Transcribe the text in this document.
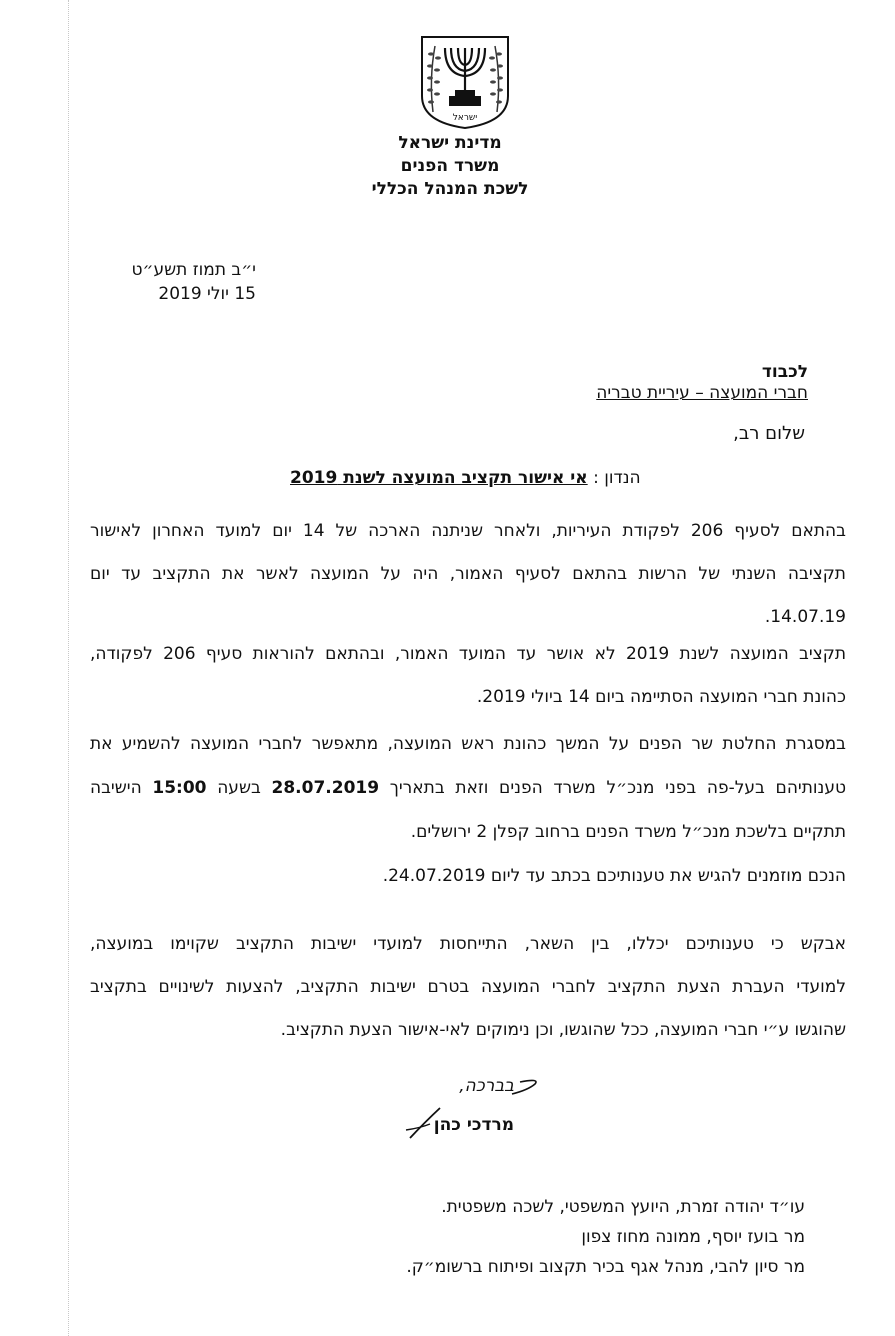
ישראל
מדינת ישראל
משרד הפנים
לשכת המנהל הכללי
י״ב תמוז תשע״ט
15 יולי 2019
לכבוד
חברי המועצה – עיריית טבריה
שלום רב,
הנדון : אי אישור תקציב המועצה לשנת 2019
בהתאם לסעיף 206 לפקודת העיריות, ולאחר שניתנה הארכה של 14 יום למועד האחרון לאישור
תקציבה השנתי של הרשות בהתאם לסעיף האמור, היה על המועצה לאשר את התקציב עד יום
14.07.19.
תקציב המועצה לשנת 2019 לא אושר עד המועד האמור, ובהתאם להוראות סעיף 206 לפקודה,
כהונת חברי המועצה הסתיימה ביום 14 ביולי 2019.
במסגרת החלטת שר הפנים על המשך כהונת ראש המועצה, מתאפשר לחברי המועצה להשמיע את
טענותיהם בעל-פה בפני מנכ״ל משרד הפנים וזאת בתאריך 28.07.2019 בשעה 15:00 הישיבה
תתקיים בלשכת מנכ״ל משרד הפנים ברחוב קפלן 2 ירושלים.
הנכם מוזמנים להגיש את טענותיכם בכתב עד ליום 24.07.2019.
אבקש כי טענותיכם יכללו, בין השאר, התייחסות למועדי ישיבות התקציב שקוימו במועצה,
למועדי העברת הצעת התקציב לחברי המועצה בטרם ישיבות התקציב, להצעות לשינויים בתקציב
שהוגשו ע״י חברי המועצה, ככל שהוגשו, וכן נימוקים לאי-אישור הצעת התקציב.
בברכה,
מרדכי כהן
עו״ד יהודה זמרת, היועץ המשפטי, לשכה משפטית.
מר בועז יוסף, ממונה מחוז צפון
מר סיון להבי, מנהל אגף בכיר תקצוב ופיתוח ברשומ״ק.
